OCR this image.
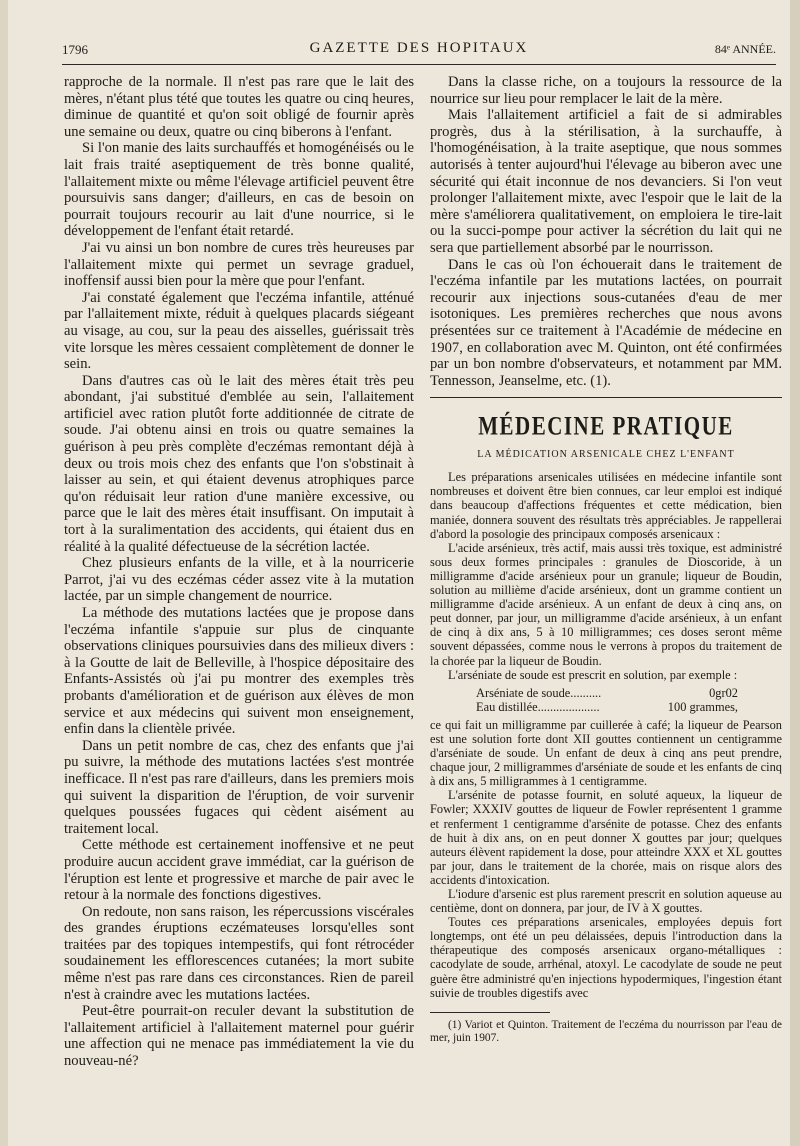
1796	GAZETTE DES HOPITAUX	84ᵉ ANNÉE.

rapproche de la normale. Il n'est pas rare que le lait des mères, n'étant plus tété que toutes les quatre ou cinq heures, diminue de quantité et qu'on soit obligé de fournir après une semaine ou deux, quatre ou cinq biberons à l'enfant.

Si l'on manie des laits surchauffés et homogénéisés ou le lait frais traité aseptiquement de très bonne qualité, l'allaitement mixte ou même l'élevage artificiel peuvent être poursuivis sans danger; d'ailleurs, en cas de besoin on pourrait toujours recourir au lait d'une nourrice, si le développement de l'enfant était retardé.

J'ai vu ainsi un bon nombre de cures très heureuses par l'allaitement mixte qui permet un sevrage graduel, inoffensif aussi bien pour la mère que pour l'enfant.

J'ai constaté également que l'eczéma infantile, atténué par l'allaitement mixte, réduit à quelques placards siégeant au visage, au cou, sur la peau des aisselles, guérissait très vite lorsque les mères cessaient complètement de donner le sein.

Dans d'autres cas où le lait des mères était très peu abondant, j'ai substitué d'emblée au sein, l'allaitement artificiel avec ration plutôt forte additionnée de citrate de soude. J'ai obtenu ainsi en trois ou quatre semaines la guérison à peu près complète d'eczémas remontant déjà à deux ou trois mois chez des enfants que l'on s'obstinait à laisser au sein, et qui étaient devenus atrophiques parce qu'on réduisait leur ration d'une manière excessive, ou parce que le lait des mères était insuffisant. On imputait à tort à la suralimentation des accidents, qui étaient dus en réalité à la qualité défectueuse de la sécrétion lactée.

Chez plusieurs enfants de la ville, et à la nourricerie Parrot, j'ai vu des eczémas céder assez vite à la mutation lactée, par un simple changement de nourrice.

La méthode des mutations lactées que je propose dans l'eczéma infantile s'appuie sur plus de cinquante observations cliniques poursuivies dans des milieux divers : à la Goutte de lait de Belleville, à l'hospice dépositaire des Enfants-Assistés où j'ai pu montrer des exemples très probants d'amélioration et de guérison aux élèves de mon service et aux médecins qui suivent mon enseignement, enfin dans la clientèle privée.

Dans un petit nombre de cas, chez des enfants que j'ai pu suivre, la méthode des mutations lactées s'est montrée inefficace. Il n'est pas rare d'ailleurs, dans les premiers mois qui suivent la disparition de l'éruption, de voir survenir quelques poussées fugaces qui cèdent aisément au traitement local.

Cette méthode est certainement inoffensive et ne peut produire aucun accident grave immédiat, car la guérison de l'éruption est lente et progressive et marche de pair avec le retour à la normale des fonctions digestives.

On redoute, non sans raison, les répercussions viscérales des grandes éruptions eczémateuses lorsqu'elles sont traitées par des topiques intempestifs, qui font rétrocéder soudainement les efflorescences cutanées; la mort subite même n'est pas rare dans ces circonstances. Rien de pareil n'est à craindre avec les mutations lactées.

Peut-être pourrait-on reculer devant la substitution de l'allaitement artificiel à l'allaitement maternel pour guérir une affection qui ne menace pas immédiatement la vie du nouveau-né?

Dans la classe riche, on a toujours la ressource de la nourrice sur lieu pour remplacer le lait de la mère.

Mais l'allaitement artificiel a fait de si admirables progrès, dus à la stérilisation, à la surchauffe, à l'homogénéisation, à la traite aseptique, que nous sommes autorisés à tenter aujourd'hui l'élevage au biberon avec une sécurité qui était inconnue de nos devanciers. Si l'on veut prolonger l'allaitement mixte, avec l'espoir que le lait de la mère s'améliorera qualitativement, on emploiera le tire-lait ou la succi-pompe pour activer la sécrétion du lait qui ne sera que partiellement absorbé par le nourrisson.

Dans le cas où l'on échouerait dans le traitement de l'eczéma infantile par les mutations lactées, on pourrait recourir aux injections sous-cutanées d'eau de mer isotoniques. Les premières recherches que nous avons présentées sur ce traitement à l'Académie de médecine en 1907, en collaboration avec M. Quinton, ont été confirmées par un bon nombre d'observateurs, et notamment par MM. Tennesson, Jeanselme, etc. (1).

MÉDECINE PRATIQUE
LA MÉDICATION ARSENICALE CHEZ L'ENFANT

Les préparations arsenicales utilisées en médecine infantile sont nombreuses et doivent être bien connues, car leur emploi est indiqué dans beaucoup d'affections fréquentes et cette médication, bien maniée, donnera souvent des résultats très appréciables. Je rappellerai d'abord la posologie des principaux composés arsenicaux :

L'acide arsénieux, très actif, mais aussi très toxique, est administré sous deux formes principales : granules de Dioscoride, à un milligramme d'acide arsénieux pour un granule; liqueur de Boudin, solution au millième d'acide arsénieux, dont un gramme contient un milligramme d'acide arsénieux. A un enfant de deux à cinq ans, on peut donner, par jour, un milligramme d'acide arsénieux, à un enfant de cinq à dix ans, 5 à 10 milligrammes; ces doses seront même souvent dépassées, comme nous le verrons à propos du traitement de la chorée par la liqueur de Boudin.

L'arséniate de soude est prescrit en solution, par exemple :

Arséniate de soude..........	0gr02
Eau distillée....................	100 grammes,

ce qui fait un milligramme par cuillerée à café; la liqueur de Pearson est une solution forte dont XII gouttes contiennent un centigramme d'arséniate de soude. Un enfant de deux à cinq ans peut prendre, chaque jour, 2 milligrammes d'arséniate de soude et les enfants de cinq à dix ans, 5 milligrammes à 1 centigramme.

L'arsénite de potasse fournit, en soluté aqueux, la liqueur de Fowler; XXXIV gouttes de liqueur de Fowler représentent 1 gramme et renferment 1 centigramme d'arsénite de potasse. Chez des enfants de huit à dix ans, on en peut donner X gouttes par jour; quelques auteurs élèvent rapidement la dose, pour atteindre XXX et XL gouttes par jour, dans le traitement de la chorée, mais on risque alors des accidents d'intoxication.

L'iodure d'arsenic est plus rarement prescrit en solution aqueuse au centième, dont on donnera, par jour, de IV à X gouttes.

Toutes ces préparations arsenicales, employées depuis fort longtemps, ont été un peu délaissées, depuis l'introduction dans la thérapeutique des composés arsenicaux organo-métalliques : cacodylate de soude, arrhénal, atoxyl. Le cacodylate de soude ne peut guère être administré qu'en injections hypodermiques, l'ingestion étant suivie de troubles digestifs avec

(1) Variot et Quinton. Traitement de l'eczéma du nourrisson par l'eau de mer, juin 1907.
